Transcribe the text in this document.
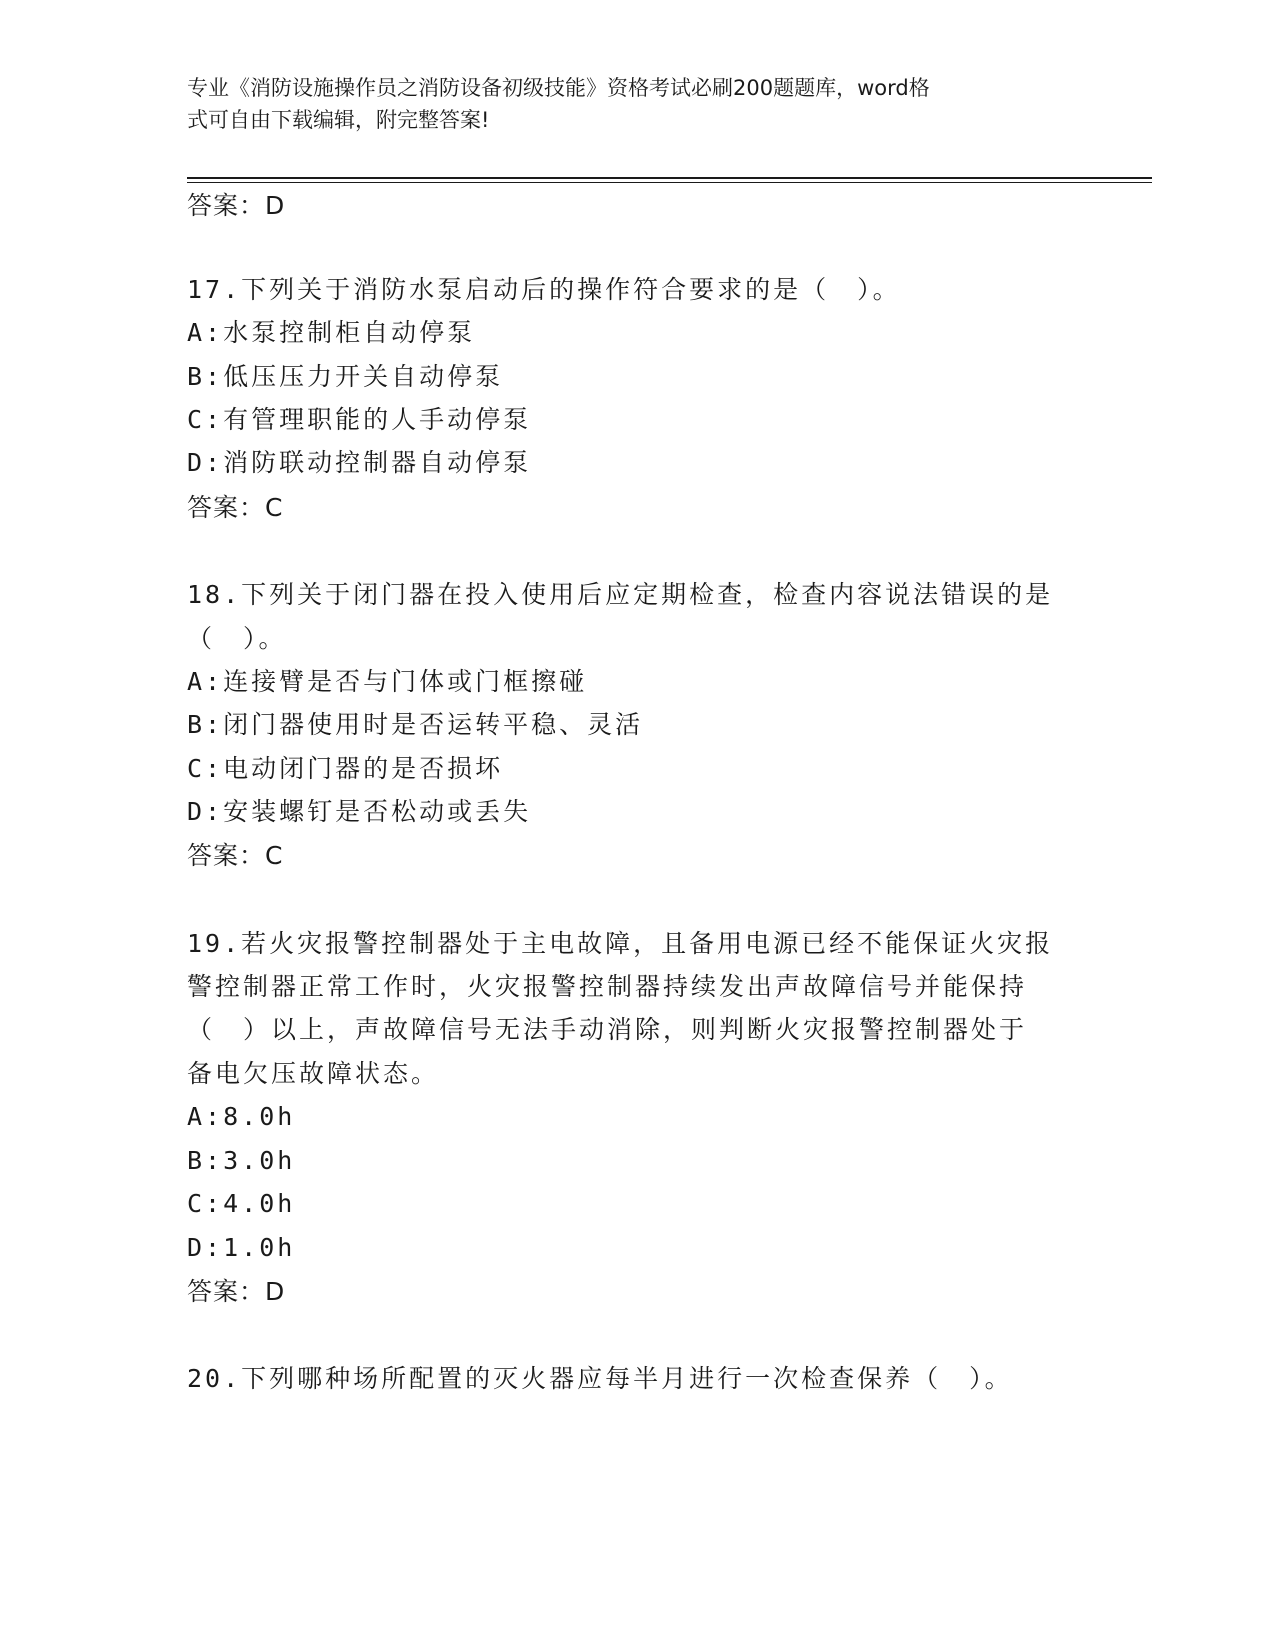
专业《消防设施操作员之消防设备初级技能》资格考试必刷200题题库，word格
式可自由下载编辑，附完整答案!
答案：D
17.下列关于消防水泵启动后的操作符合要求的是（　）。
A:水泵控制柜自动停泵
B:低压压力开关自动停泵
C:有管理职能的人手动停泵
D:消防联动控制器自动停泵
答案：C
18.下列关于闭门器在投入使用后应定期检查，检查内容说法错误的是
（　）。
A:连接臂是否与门体或门框擦碰
B:闭门器使用时是否运转平稳、灵活
C:电动闭门器的是否损坏
D:安装螺钉是否松动或丢失
答案：C
19.若火灾报警控制器处于主电故障，且备用电源已经不能保证火灾报
警控制器正常工作时，火灾报警控制器持续发出声故障信号并能保持
（　）以上，声故障信号无法手动消除，则判断火灾报警控制器处于
备电欠压故障状态。
A:8.0h
B:3.0h
C:4.0h
D:1.0h
答案：D
20.下列哪种场所配置的灭火器应每半月进行一次检查保养（　）。
